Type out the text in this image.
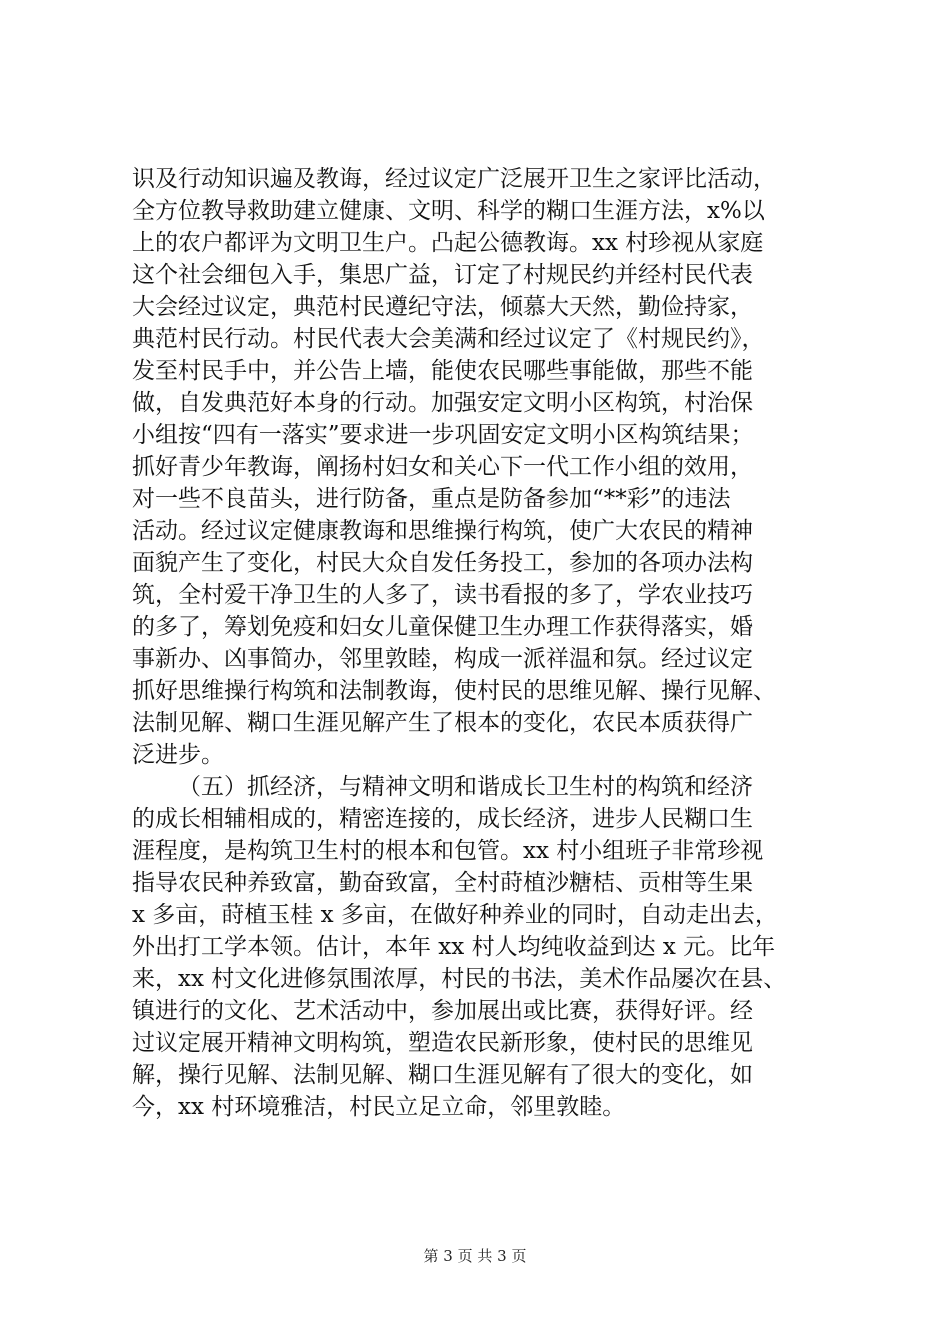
识及行动知识遍及教诲，经过议定广泛展开卫生之家评比活动，
全方位教导救助建立健康、文明、科学的糊口生涯方法，x%以
上的农户都评为文明卫生户。凸起公德教诲。xx 村珍视从家庭
这个社会细包入手，集思广益，订定了村规民约并经村民代表
大会经过议定，典范村民遵纪守法，倾慕大天然，勤俭持家，
典范村民行动。村民代表大会美满和经过议定了《村规民约》，
发至村民手中，并公告上墙，能使农民哪些事能做，那些不能
做，自发典范好本身的行动。加强安定文明小区构筑，村治保
小组按“四有一落实”要求进一步巩固安定文明小区构筑结果；
抓好青少年教诲，阐扬村妇女和关心下一代工作小组的效用，
对一些不良苗头，进行防备，重点是防备参加“**彩”的违法
活动。经过议定健康教诲和思维操行构筑，使广大农民的精神
面貌产生了变化，村民大众自发任务投工，参加的各项办法构
筑，全村爱干净卫生的人多了，读书看报的多了，学农业技巧
的多了，筹划免疫和妇女儿童保健卫生办理工作获得落实，婚
事新办、凶事简办，邻里敦睦，构成一派祥温和氛。经过议定
抓好思维操行构筑和法制教诲，使村民的思维见解、操行见解、
法制见解、糊口生涯见解产生了根本的变化，农民本质获得广
泛进步。
（五）抓经济，与精神文明和谐成长卫生村的构筑和经济
的成长相辅相成的，精密连接的，成长经济，进步人民糊口生
涯程度，是构筑卫生村的根本和包管。xx 村小组班子非常珍视
指导农民种养致富，勤奋致富，全村莳植沙糖桔、贡柑等生果
x 多亩，莳植玉桂 x 多亩，在做好种养业的同时，自动走出去，
外出打工学本领。估计，本年 xx 村人均纯收益到达 x 元。比年
来，xx 村文化进修氛围浓厚，村民的书法，美术作品屡次在县、
镇进行的文化、艺术活动中，参加展出或比赛，获得好评。经
过议定展开精神文明构筑，塑造农民新形象，使村民的思维见
解，操行见解、法制见解、糊口生涯见解有了很大的变化，如
今，xx 村环境雅洁，村民立足立命，邻里敦睦。
第 3 页 共 3 页
